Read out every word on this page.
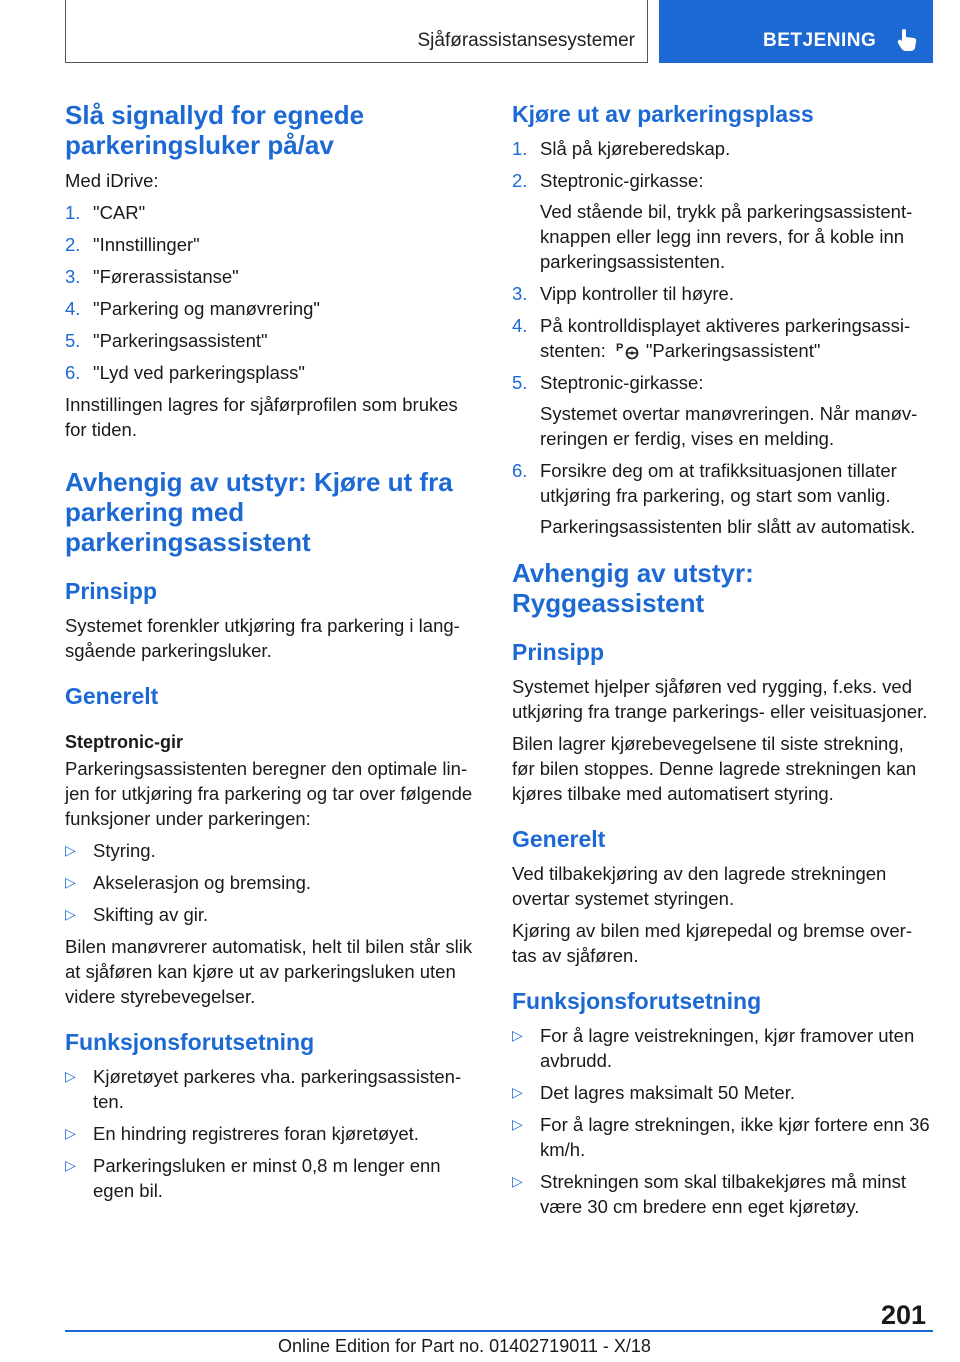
Sjåførassistansesystemer	BETJENING
Slå signallyd for egnede parkeringsluker på/av

Med iDrive:

1. "CAR"
2. "Innstillinger"
3. "Førerassistanse"
4. "Parkering og manøvrering"
5. "Parkeringsassistent"
6. "Lyd ved parkeringsplass"

Innstillingen lagres for sjåførprofilen som brukes for tiden.

Avhengig av utstyr: Kjøre ut fra parkering med parkeringsassistent
Prinsipp

Systemet forenkler utkjøring fra parkering i langsgående parkeringsluker.

Generelt
Steptronic-gir

Parkeringsassistenten beregner den optimale linjen for utkjøring fra parkering og tar over følgende funksjoner under parkeringen:

▷ Styring.
▷ Akselerasjon og bremsing.
▷ Skifting av gir.

Bilen manøvrerer automatisk, helt til bilen står slik at sjåføren kan kjøre ut av parkeringsluken uten videre styrebevegelser.

Funksjonsforutsetning
▷ Kjøretøyet parkeres vha. parkeringsassistenten.
▷ En hindring registreres foran kjøretøyet.
▷ Parkeringsluken er minst 0,8 m lenger enn egen bil.
Kjøre ut av parkeringsplass
1. Slå på kjøreberedskap.
2. Steptronic-girkasse:
Ved stående bil, trykk på parkeringsassistentknappen eller legg inn revers, for å koble inn parkeringsassistenten.
3. Vipp kontroller til høyre.
4. På kontrolldisplayet aktiveres parkeringsassistenten: P "Parkeringsassistent"
5. Steptronic-girkasse:
Systemet overtar manøvreringen. Når manøvreringen er ferdig, vises en melding.
6. Forsikre deg om at trafikksituasjonen tillater utkjøring fra parkering, og start som vanlig.
Parkeringsassistenten blir slått av automatisk.
Avhengig av utstyr: Ryggeassistent
Prinsipp

Systemet hjelper sjåføren ved rygging, f.eks. ved utkjøring fra trange parkerings- eller veisituasjoner.

Bilen lagrer kjørebevegelsene til siste strekning, før bilen stoppes. Denne lagrede strekningen kan kjøres tilbake med automatisert styring.

Generelt

Ved tilbakekjøring av den lagrede strekningen overtar systemet styringen.

Kjøring av bilen med kjørepedal og bremse overtas av sjåføren.

Funksjonsforutsetning
▷ For å lagre veistrekningen, kjør framover uten avbrudd.
▷ Det lagres maksimalt 50 Meter.
▷ For å lagre strekningen, ikke kjør fortere enn 36 km/h.
▷ Strekningen som skal tilbakekjøres må minst være 30 cm bredere enn eget kjøretøy.
201
Online Edition for Part no. 01402719011 - X/18
